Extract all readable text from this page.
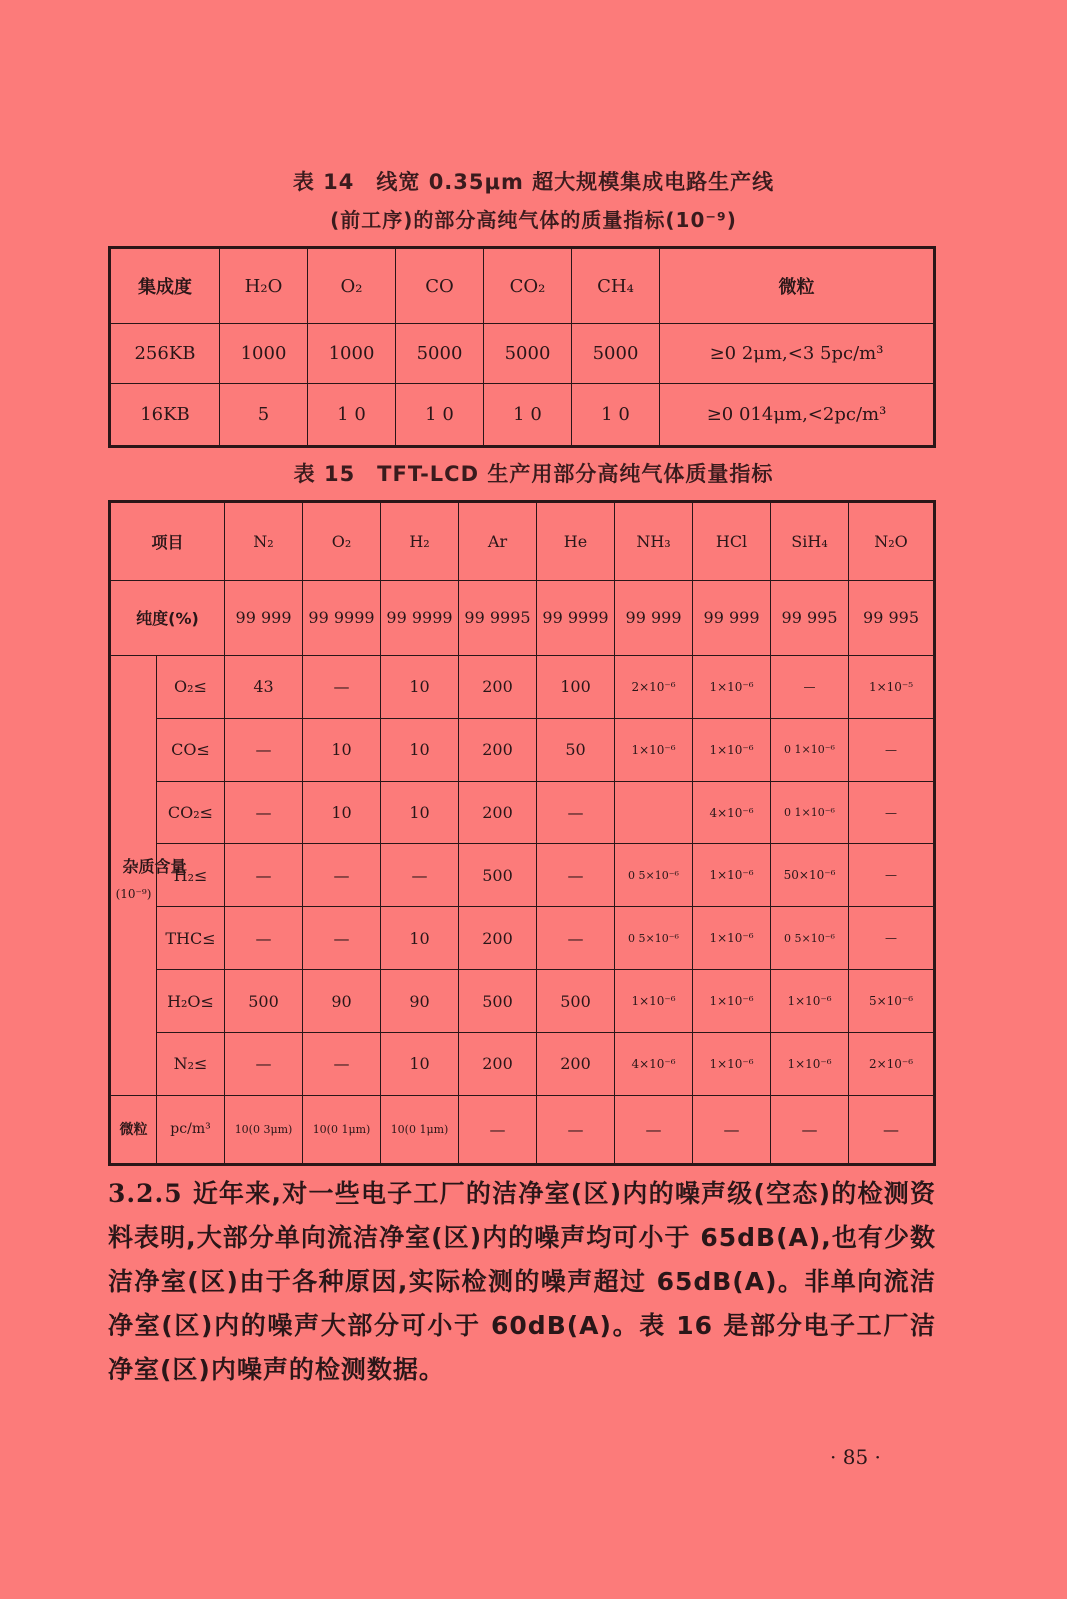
表 14　线宽 0.35μm 超大规模集成电路生产线
(前工序)的部分高纯气体的质量指标(10⁻⁹)
集成度	H₂O	O₂	CO	CO₂	CH₄	微粒
256KB	1000	1000	5000	5000	5000	≥0 2μm,<3 5pc/m³
16KB	5	1 0	1 0	1 0	1 0	≥0 014μm,<2pc/m³
表 15　TFT-LCD 生产用部分高纯气体质量指标
项目		N₂	O₂	H₂	Ar	He	NH₃	HCl	SiH₄	N₂O
纯度(%)		99 999	99 9999	99 9999	99 9995	99 9999	99 999	99 999	99 995	99 995

杂质含量
(10⁻⁹)	O₂≤	43	—	10	200	100	2×10⁻⁶	1×10⁻⁶	—	1×10⁻⁵
	CO≤	—	10	10	200	50	1×10⁻⁶	1×10⁻⁶	0 1×10⁻⁶	—
	CO₂≤	—	10	10	200	—		4×10⁻⁶	0 1×10⁻⁶	—
	H₂≤	—	—	—	500	—	0 5×10⁻⁶	1×10⁻⁶	50×10⁻⁶	—
	THC≤	—	—	10	200	—	0 5×10⁻⁶	1×10⁻⁶	0 5×10⁻⁶	—
	H₂O≤	500	90	90	500	500	1×10⁻⁶	1×10⁻⁶	1×10⁻⁶	5×10⁻⁶
	N₂≤	—	—	10	200	200	4×10⁻⁶	1×10⁻⁶	1×10⁻⁶	2×10⁻⁶
微粒	pc/m³	10(0 3μm)	10(0 1μm)	10(0 1μm)	—	—	—	—	—	—

3.2.5 近年来,对一些电子工厂的洁净室(区)内的噪声级(空态)的检测资料表明,大部分单向流洁净室(区)内的噪声均可小于 65dB(A),也有少数洁净室(区)由于各种原因,实际检测的噪声超过 65dB(A)。非单向流洁净室(区)内的噪声大部分可小于 60dB(A)。表 16 是部分电子工厂洁净室(区)内噪声的检测数据。

· 85 ·
